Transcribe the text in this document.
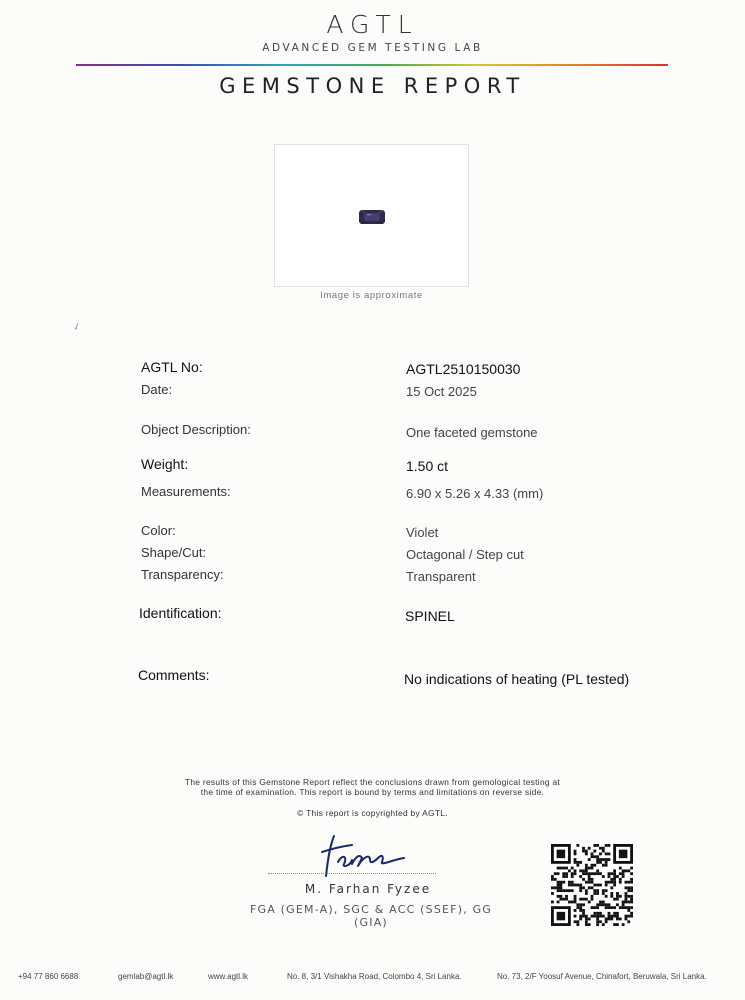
AGTL
ADVANCED GEM TESTING LAB
GEMSTONE REPORT
Image is approximate
✓
AGTL No:	AGTL2510150030
Date:	15 Oct 2025
Object Description:	One faceted gemstone
Weight:	1.50 ct
Measurements:	6.90 x 5.26 x 4.33 (mm)
Color:	Violet
Shape/Cut:	Octagonal / Step cut
Transparency:	Transparent
Identification:	SPINEL
Comments:	No indications of heating (PL tested)
The results of this Gemstone Report reflect the conclusions drawn from gemological testing at
the time of examination. This report is bound by terms and limitations on reverse side.
© This report is copyrighted by AGTL.
M. Farhan Fyzee
FGA (GEM-A), SGC & ACC (SSEF), GG (GIA)
+94 77 860 6688	gemlab@agtl.lk	www.agtl.lk	No. 8, 3/1 Vishakha Road, Colombo 4, Sri Lanka.	No. 73, 2/F Yoosuf Avenue, Chinafort, Beruwala, Sri Lanka.
